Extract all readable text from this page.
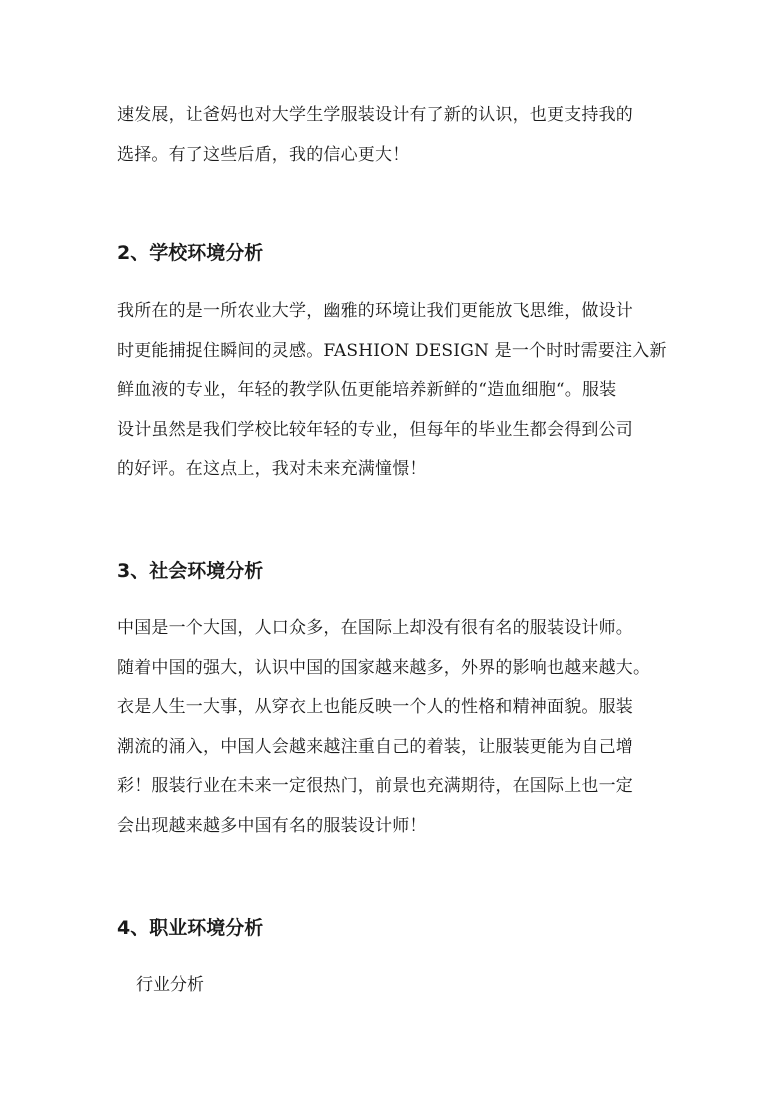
速发展，让爸妈也对大学生学服装设计有了新的认识，也更支持我的
选择。有了这些后盾，我的信心更大！

2、学校环境分析

我所在的是一所农业大学，幽雅的环境让我们更能放飞思维，做设计
时更能捕捉住瞬间的灵感。FASHION DESIGN 是一个时时需要注入新
鲜血液的专业，年轻的教学队伍更能培养新鲜的“造血细胞“。服装
设计虽然是我们学校比较年轻的专业，但每年的毕业生都会得到公司
的好评。在这点上，我对未来充满憧憬！

3、社会环境分析

中国是一个大国，人口众多，在国际上却没有很有名的服装设计师。
随着中国的强大，认识中国的国家越来越多，外界的影响也越来越大。
衣是人生一大事，从穿衣上也能反映一个人的性格和精神面貌。服装
潮流的涌入，中国人会越来越注重自己的着装，让服装更能为自己增
彩！服装行业在未来一定很热门，前景也充满期待，在国际上也一定
会出现越来越多中国有名的服装设计师！

4、职业环境分析

行业分析
